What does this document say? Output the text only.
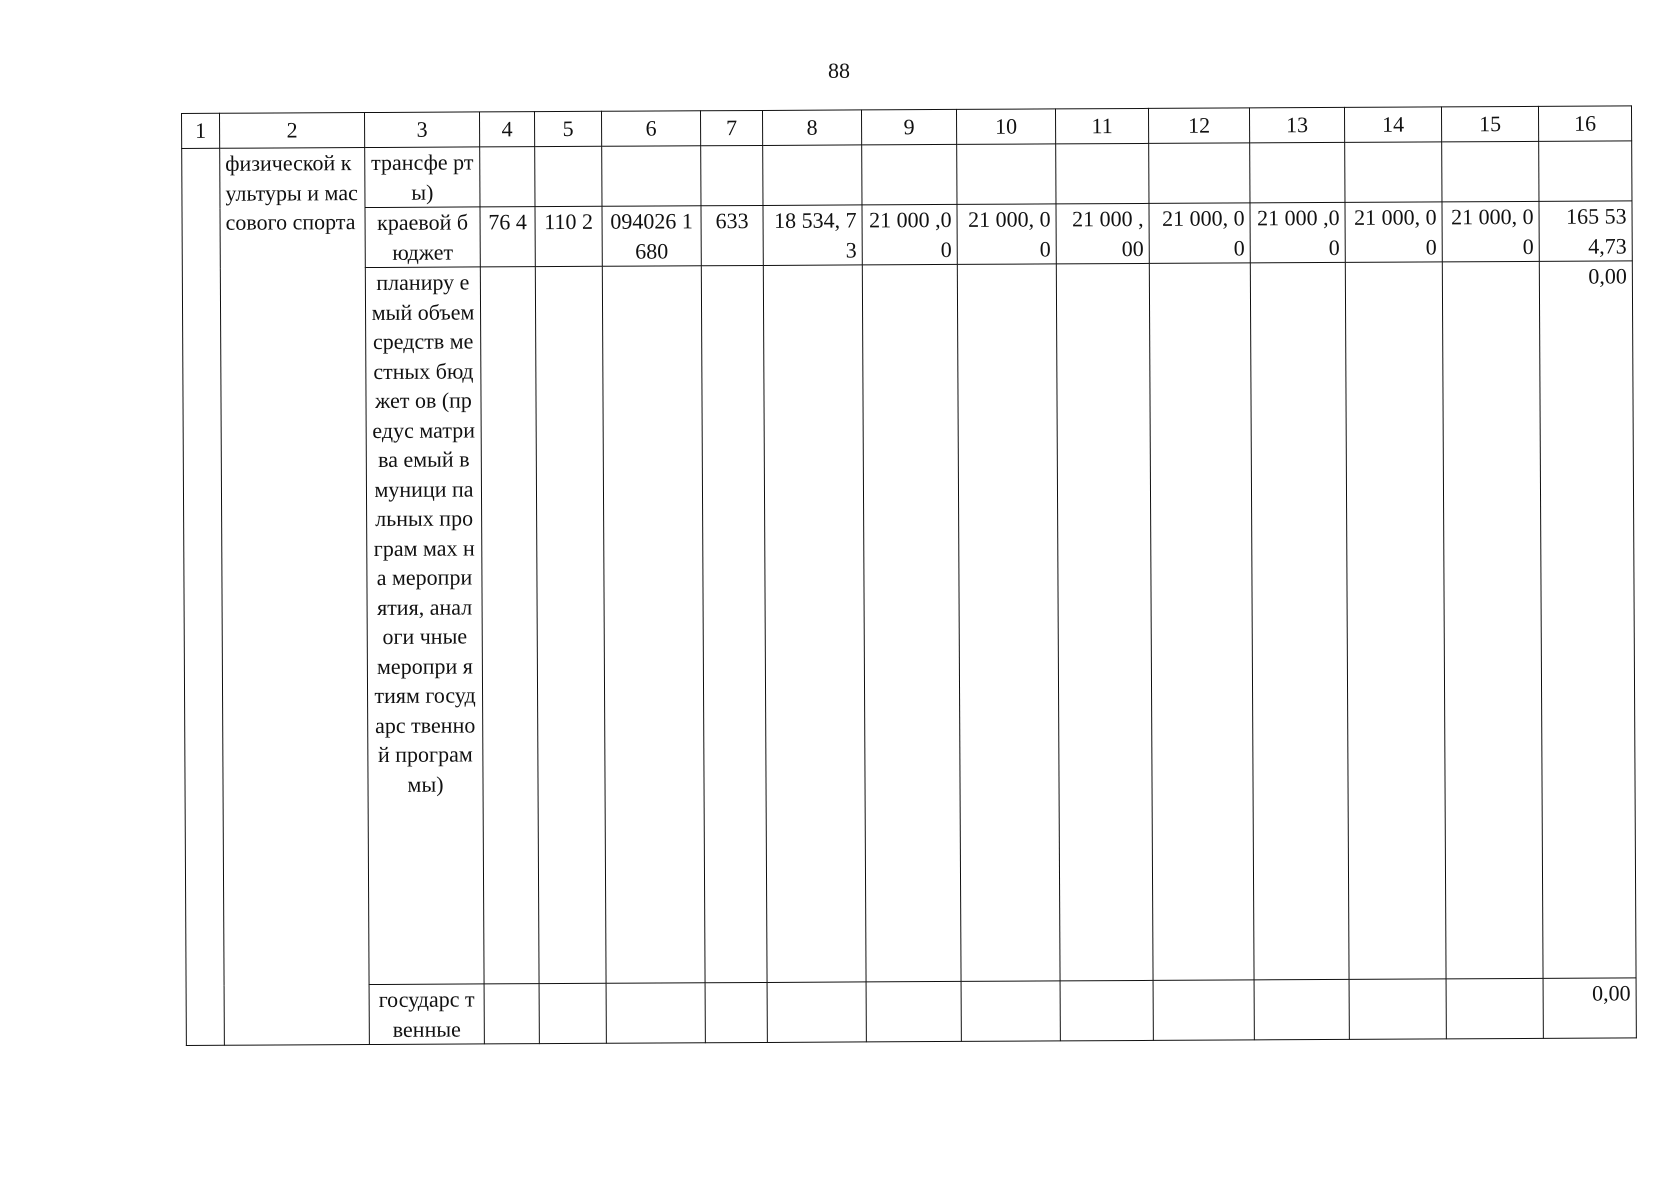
88
1	2	3	4	5	6	7	8	9	10	11	12	13	14	15	16
	физической культуры и массового спорта	трансфе рты)													
		краевой бюджет	76 4	110 2	094026 1680	633	18 534, 73	21 000 ,00	21 000, 00	21 000 ,00	21 000, 00	21 000 ,00	21 000, 00	21 000, 00	165 53 4,73
		планиру емый объем средств местных бюджет ов (предус матрива емый в муници пальных програм мах на меропри ятия, аналоги чные меропри ятиям государс твенной програм мы)													0,00
		государс твенные													0,00
